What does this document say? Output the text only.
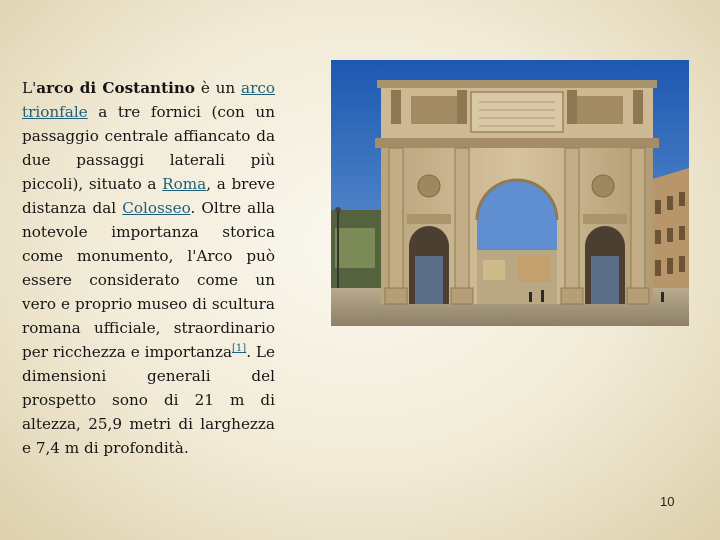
L'arco di Costantino è un arco trionfale a tre fornici (con un passaggio centrale affiancato da due passaggi laterali più piccoli), situato a Roma, a breve distanza dal Colosseo. Oltre alla notevole importanza storica come monumento, l'Arco può essere considerato come un vero e proprio museo di scultura romana ufficiale, straordinario per ricchezza e importanza[1]. Le dimensioni generali del prospetto sono di 21 m di altezza, 25,9 metri di larghezza e 7,4 m di profondità.
10
